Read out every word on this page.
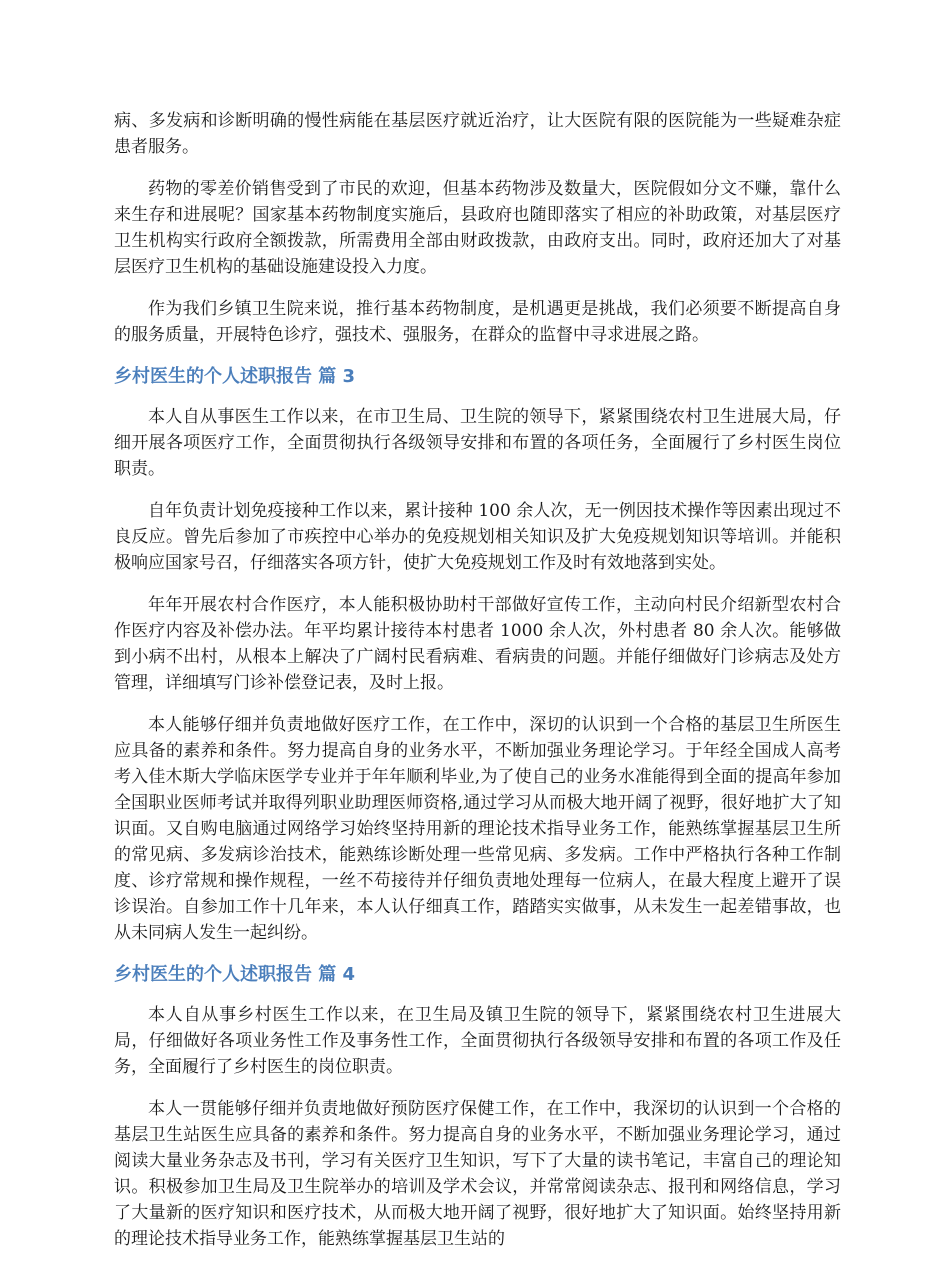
病、多发病和诊断明确的慢性病能在基层医疗就近治疗，让大医院有限的医院能为一些疑难杂症患者服务。

药物的零差价销售受到了市民的欢迎，但基本药物涉及数量大，医院假如分文不赚，靠什么来生存和进展呢？国家基本药物制度实施后，县政府也随即落实了相应的补助政策，对基层医疗卫生机构实行政府全额拨款，所需费用全部由财政拨款，由政府支出。同时，政府还加大了对基层医疗卫生机构的基础设施建设投入力度。

作为我们乡镇卫生院来说，推行基本药物制度，是机遇更是挑战，我们必须要不断提高自身的服务质量，开展特色诊疗，强技术、强服务，在群众的监督中寻求进展之路。

乡村医生的个人述职报告 篇 3

本人自从事医生工作以来，在市卫生局、卫生院的领导下，紧紧围绕农村卫生进展大局，仔细开展各项医疗工作，全面贯彻执行各级领导安排和布置的各项任务，全面履行了乡村医生岗位职责。

自年负责计划免疫接种工作以来，累计接种 100 余人次，无一例因技术操作等因素出现过不良反应。曾先后参加了市疾控中心举办的免疫规划相关知识及扩大免疫规划知识等培训。并能积极响应国家号召，仔细落实各项方针，使扩大免疫规划工作及时有效地落到实处。

年年开展农村合作医疗，本人能积极协助村干部做好宣传工作，主动向村民介绍新型农村合作医疗内容及补偿办法。年平均累计接待本村患者 1000 余人次，外村患者 80 余人次。能够做到小病不出村，从根本上解决了广阔村民看病难、看病贵的问题。并能仔细做好门诊病志及处方管理，详细填写门诊补偿登记表，及时上报。

本人能够仔细并负责地做好医疗工作，在工作中，深切的认识到一个合格的基层卫生所医生应具备的素养和条件。努力提高自身的业务水平，不断加强业务理论学习。于年经全国成人高考考入佳木斯大学临床医学专业并于年年顺利毕业,为了使自己的业务水准能得到全面的提高年参加全国职业医师考试并取得列职业助理医师资格,通过学习从而极大地开阔了视野，很好地扩大了知识面。又自购电脑通过网络学习始终坚持用新的理论技术指导业务工作，能熟练掌握基层卫生所的常见病、多发病诊治技术，能熟练诊断处理一些常见病、多发病。工作中严格执行各种工作制度、诊疗常规和操作规程，一丝不苟接待并仔细负责地处理每一位病人，在最大程度上避开了误诊误治。自参加工作十几年来，本人认仔细真工作，踏踏实实做事，从未发生一起差错事故，也从未同病人发生一起纠纷。

乡村医生的个人述职报告 篇 4

本人自从事乡村医生工作以来，在卫生局及镇卫生院的领导下，紧紧围绕农村卫生进展大局，仔细做好各项业务性工作及事务性工作，全面贯彻执行各级领导安排和布置的各项工作及任务，全面履行了乡村医生的岗位职责。

本人一贯能够仔细并负责地做好预防医疗保健工作，在工作中，我深切的认识到一个合格的基层卫生站医生应具备的素养和条件。努力提高自身的业务水平，不断加强业务理论学习，通过阅读大量业务杂志及书刊，学习有关医疗卫生知识，写下了大量的读书笔记，丰富自己的理论知识。积极参加卫生局及卫生院举办的培训及学术会议，并常常阅读杂志、报刊和网络信息，学习了大量新的医疗知识和医疗技术，从而极大地开阔了视野，很好地扩大了知识面。始终坚持用新的理论技术指导业务工作，能熟练掌握基层卫生站的
